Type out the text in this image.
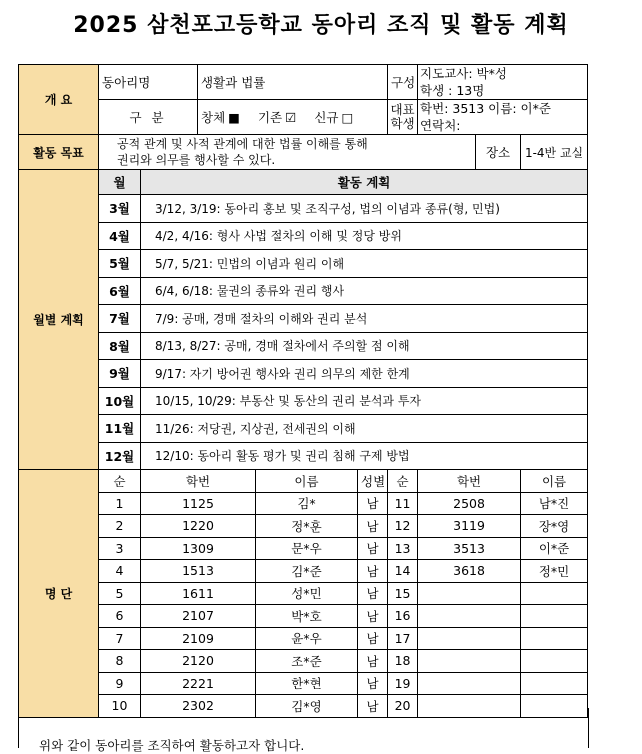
2025 삼천포고등학교 동아리 조직 및 활동 계획
개 요	동아리명		생활과 법률			구성	지도교사: 박*성
학생 : 13명			

	구 분		창체 ■ 기존 ☑ 신규 □			대표학생	학번: 3513 이름: 이*준
연락처:			

활동 목표	공적 관계 및 사적 관계에 대한 법률 이해를 통해
권리와 의무를 행사할 수 있다.							장소	1-4반 교실	
월별 계획	월	활동 계획								
	3월	3/12, 3/19: 동아리 홍보 및 조직구성, 법의 이념과 종류(형, 민법)								
	4월	4/2, 4/16: 형사 사법 절차의 이해 및 정당 방위								
	5월	5/7, 5/21: 민법의 이념과 원리 이해								
	6월	6/4, 6/18: 물권의 종류와 권리 행사								
	7월	7/9: 공매, 경매 절차의 이해와 권리 분석								
	8월	8/13, 8/27: 공매, 경매 절차에서 주의할 점 이해								
	9월	9/17: 자기 방어권 행사와 권리 의무의 제한 한계								
	10월	10/15, 10/29: 부동산 및 동산의 권리 분석과 투자								
	11월	11/26: 저당권, 지상권, 전세권의 이해								
	12월	12/10: 동아리 활동 평가 및 권리 침해 구제 방법								
명 단	순	학번		이름	성별	순	학번		이름	
	1	1125		김*	남	11	2508		남*진	
	2	1220		정*훈	남	12	3119		장*영	
	3	1309		문*우	남	13	3513		이*준	
	4	1513		김*준	남	14	3618		정*민	
	5	1611		성*민	남	15				
	6	2107		박*호	남	16				
	7	2109		윤*우	남	17				
	8	2120		조*준	남	18				
	9	2221		한*현	남	19				
	10	2302		김*영	남	20				
위와 같이 동아리를 조직하여 활동하고자 합니다.
